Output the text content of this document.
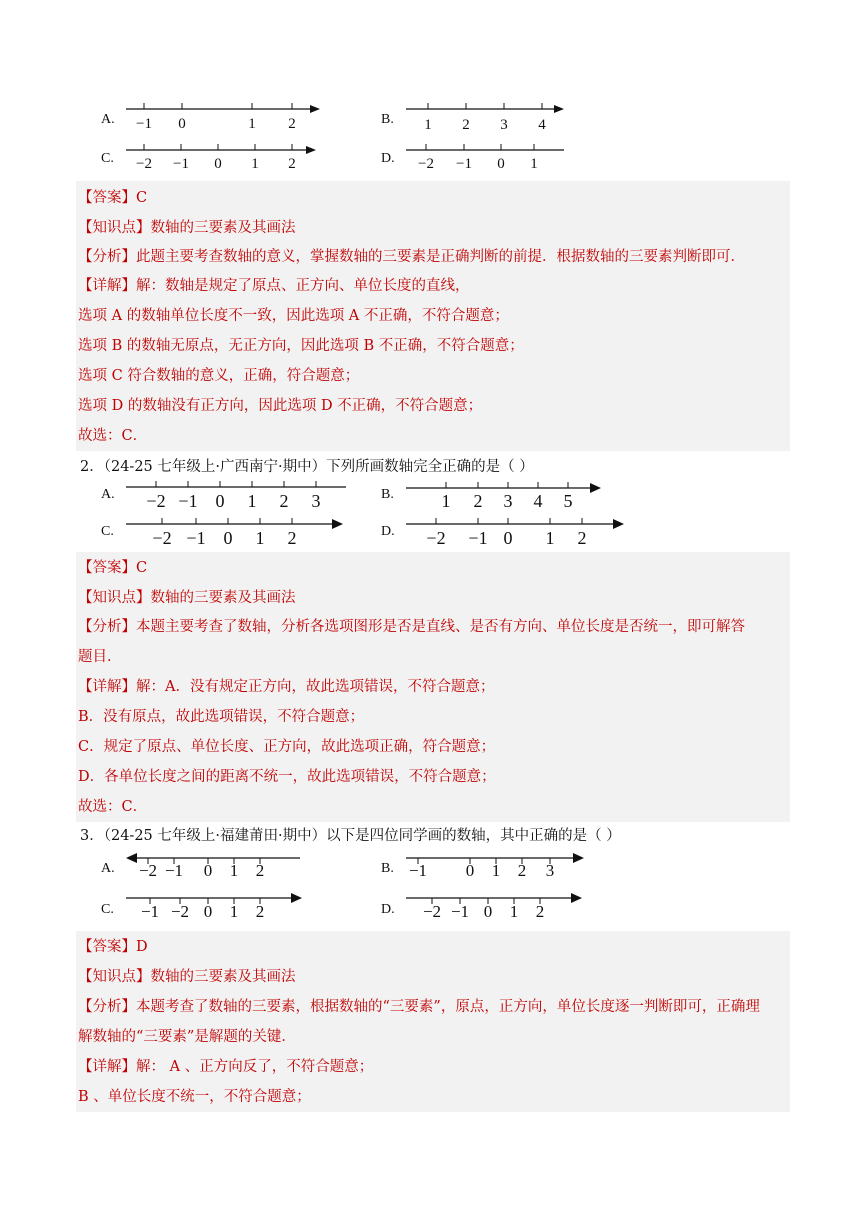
A. −1 0	1 2	B. 1 2 3 4
C. −2 −1 0 1 2	D. −2 −1 0 1
【答案】C
【知识点】数轴的三要素及其画法
【分析】此题主要考查数轴的意义，掌握数轴的三要素是正确判断的前提．根据数轴的三要素判断即可．
【详解】解：数轴是规定了原点、正方向、单位长度的直线，
选项 A 的数轴单位长度不一致，因此选项 A 不正确，不符合题意；
选项 B 的数轴无原点，无正方向，因此选项 B 不正确，不符合题意；
选项 C 符合数轴的意义，正确，符合题意；
选项 D 的数轴没有正方向，因此选项 D 不正确，不符合题意；
故选：C．
2．（24-25 七年级上·广西南宁·期中）下列所画数轴完全正确的是（ ）
A. −2 −1 0 1 2 3	B.	1 2 3 4 5
C. −2 −1 0 1 2	D. −2 −1 0 1 2
【答案】C
【知识点】数轴的三要素及其画法
【分析】本题主要考查了数轴，分析各选项图形是否是直线、是否有方向、单位长度是否统一，即可解答
题目．
【详解】解：A．没有规定正方向，故此选项错误，不符合题意；
B．没有原点，故此选项错误，不符合题意；
C．规定了原点、单位长度、正方向，故此选项正确，符合题意；
D．各单位长度之间的距离不统一，故此选项错误，不符合题意；
故选：C．
3．（24-25 七年级上·福建莆田·期中）以下是四位同学画的数轴，其中正确的是（ ）
A. −2 −1 0 1 2	B. −1 0 1 2 3
C. −1 −2 0 1 2	D. −2 −1 0 1 2
【答案】D
【知识点】数轴的三要素及其画法
【分析】本题考查了数轴的三要素，根据数轴的“三要素”，原点，正方向，单位长度逐一判断即可，正确理
解数轴的“三要素”是解题的关键．
【详解】解： A 、正方向反了，不符合题意；
B 、单位长度不统一，不符合题意；
